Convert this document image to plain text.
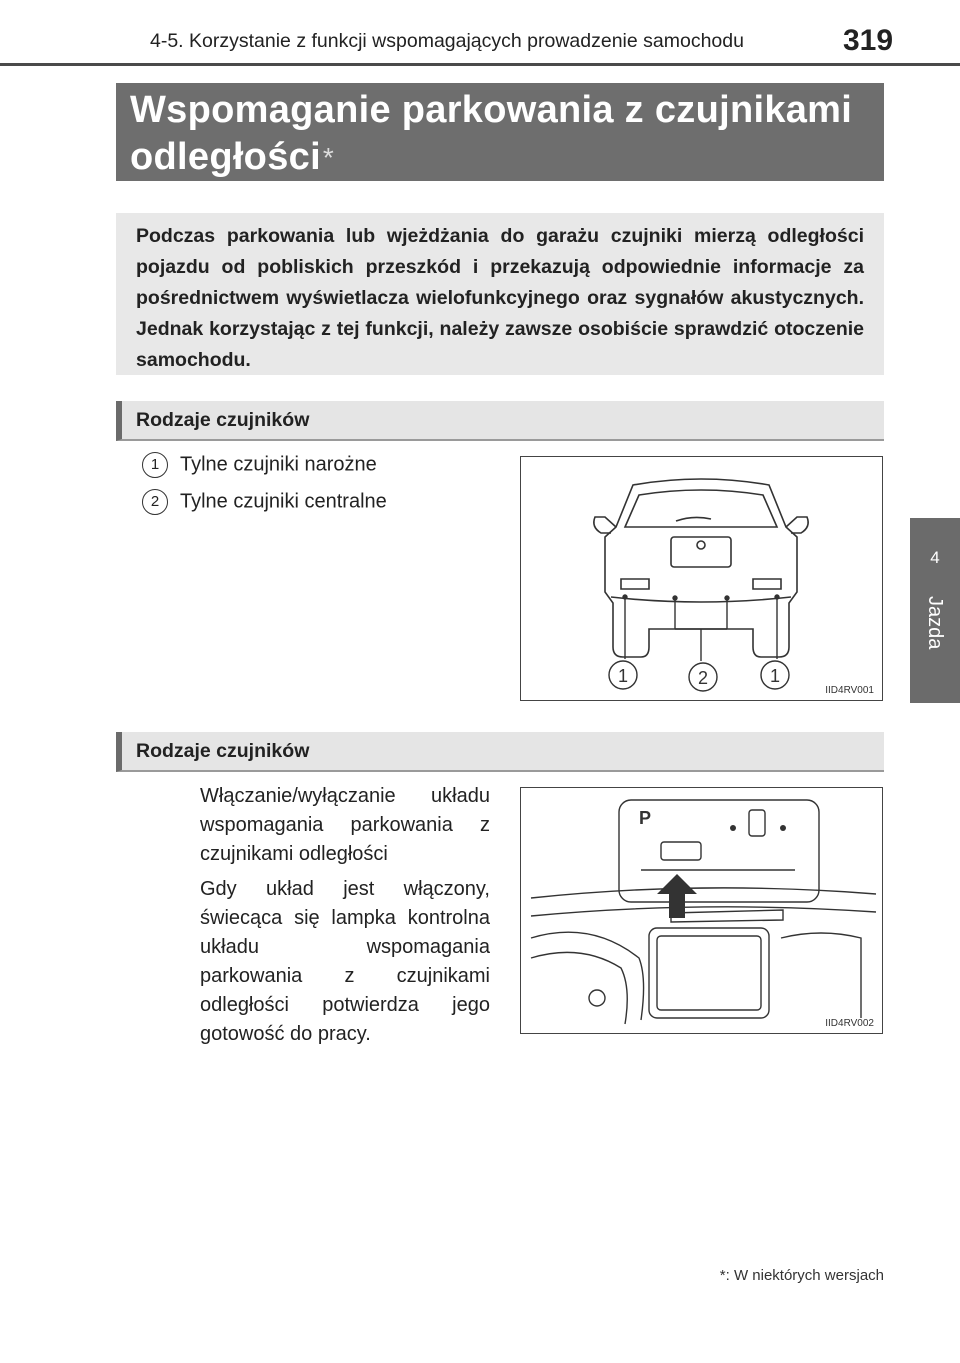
4-5. Korzystanie z funkcji wspomagających prowadzenie samochodu	319
4
Jazda
Wspomaganie parkowania z czujnikami odległości*
Podczas parkowania lub wjeżdżania do garażu czujniki mierzą odległości pojazdu od pobliskich przeszkód i przekazują odpowiednie informacje za pośrednictwem wyświetlacza wielofunkcyjnego oraz sygnałów akustycznych. Jednak korzystając z tej funkcji, należy zawsze osobiście sprawdzić otoczenie samochodu.
Rodzaje czujników
1 Tylne czujniki narożne
2 Tylne czujniki centralne
1	2	1
IID4RV001
Rodzaje czujników
Włączanie/wyłączanie układu wspomagania parkowania z czujnikami odległości
Gdy układ jest włączony, świecąca się lampka kontrolna układu wspomagania parkowania z czujnikami odległości potwierdza jego gotowość do pracy.
P
IID4RV002
*: W niektórych wersjach
